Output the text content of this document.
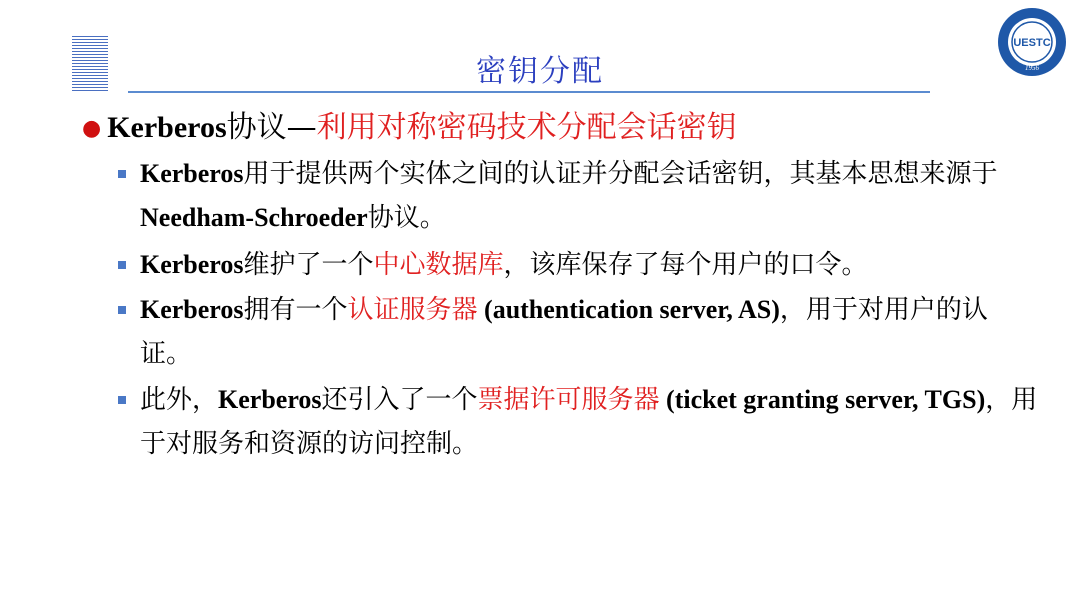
密钥分配
UESTC
1956
● Kerberos协议—利用对称密码技术分配会话密钥
Kerberos用于提供两个实体之间的认证并分配会话密钥，其基本思想来源于Needham-Schroeder协议。
Kerberos维护了一个中心数据库，该库保存了每个用户的口令。
Kerberos拥有一个认证服务器 (authentication server, AS)，用于对用户的认证。
此外，Kerberos还引入了一个票据许可服务器 (ticket granting server, TGS)，用于对服务和资源的访问控制。
